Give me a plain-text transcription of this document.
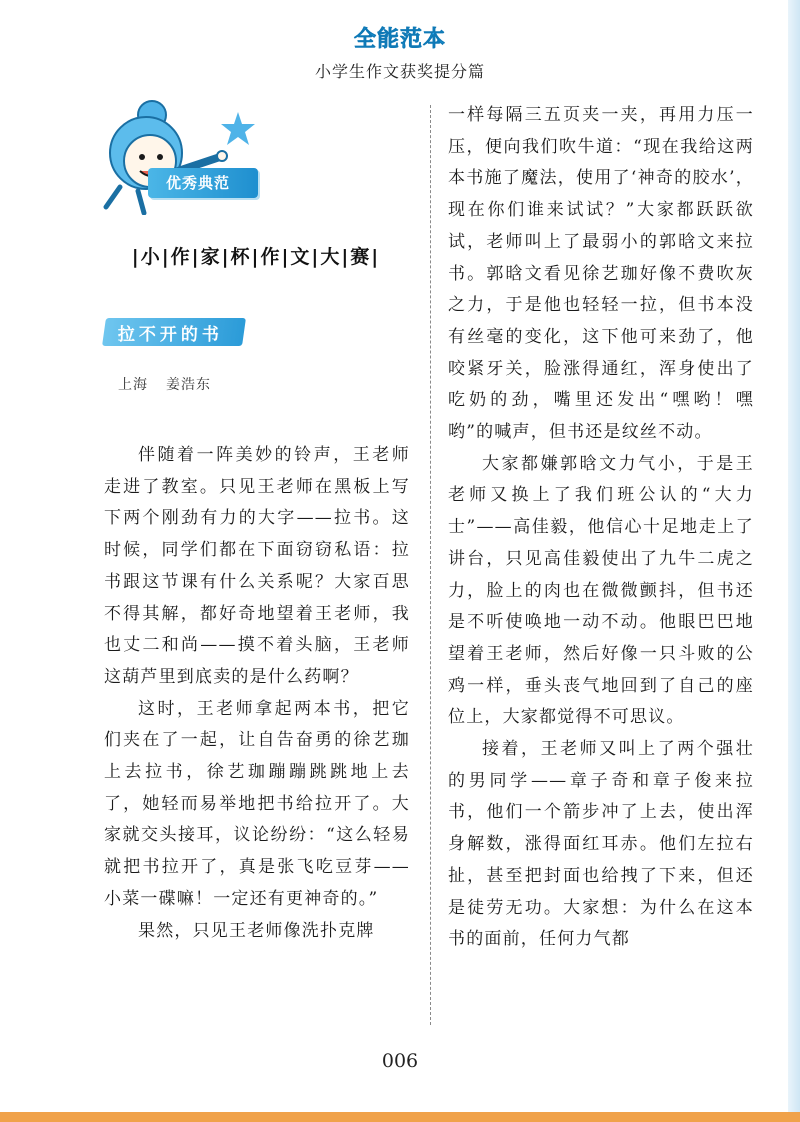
全能范本
小学生作文获奖提分篇
优秀典范
|小|作|家|杯|作|文|大|赛|
拉不开的书
上海 姜浩东

伴随着一阵美妙的铃声，王老师走进了教室。只见王老师在黑板上写下两个刚劲有力的大字——拉书。这时候，同学们都在下面窃窃私语：拉书跟这节课有什么关系呢？大家百思不得其解，都好奇地望着王老师，我也丈二和尚——摸不着头脑，王老师这葫芦里到底卖的是什么药啊？

这时，王老师拿起两本书，把它们夹在了一起，让自告奋勇的徐艺珈上去拉书，徐艺珈蹦蹦跳跳地上去了，她轻而易举地把书给拉开了。大家就交头接耳，议论纷纷：“这么轻易就把书拉开了，真是张飞吃豆芽——小菜一碟嘛！一定还有更神奇的。”

果然，只见王老师像洗扑克牌

一样每隔三五页夹一夹，再用力压一压，便向我们吹牛道：“现在我给这两本书施了魔法，使用了‘神奇的胶水’，现在你们谁来试试？”大家都跃跃欲试，老师叫上了最弱小的郭晗文来拉书。郭晗文看见徐艺珈好像不费吹灰之力，于是他也轻轻一拉，但书本没有丝毫的变化，这下他可来劲了，他咬紧牙关，脸涨得通红，浑身使出了吃奶的劲，嘴里还发出“嘿哟！嘿哟”的喊声，但书还是纹丝不动。

大家都嫌郭晗文力气小，于是王老师又换上了我们班公认的“大力士”——高佳毅，他信心十足地走上了讲台，只见高佳毅使出了九牛二虎之力，脸上的肉也在微微颤抖，但书还是不听使唤地一动不动。他眼巴巴地望着王老师，然后好像一只斗败的公鸡一样，垂头丧气地回到了自己的座位上，大家都觉得不可思议。

接着，王老师又叫上了两个强壮的男同学——章子奇和章子俊来拉书，他们一个箭步冲了上去，使出浑身解数，涨得面红耳赤。他们左拉右扯，甚至把封面也给拽了下来，但还是徒劳无功。大家想：为什么在这本书的面前，任何力气都

006
